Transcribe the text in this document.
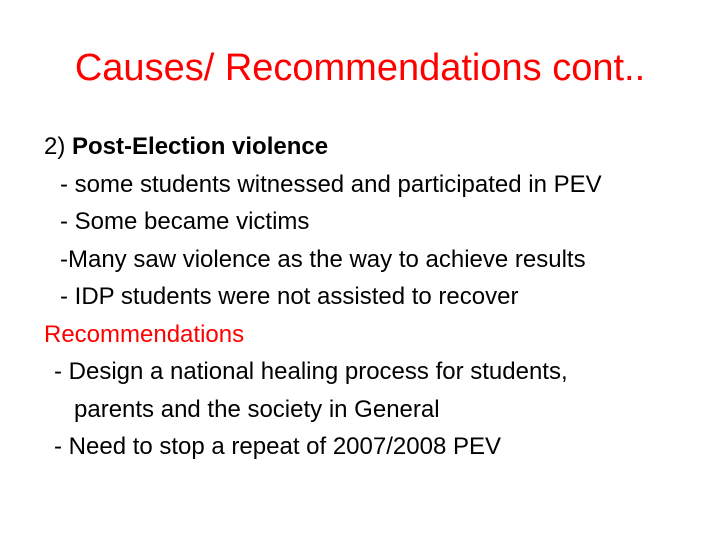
Causes/ Recommendations cont..
2) Post-Election violence
- some students witnessed and participated in PEV
- Some became victims
-Many saw violence as the way to achieve results
- IDP students were not assisted to recover
Recommendations
- Design a national healing process for students,
parents and the society in General
- Need to stop a repeat of 2007/2008 PEV
